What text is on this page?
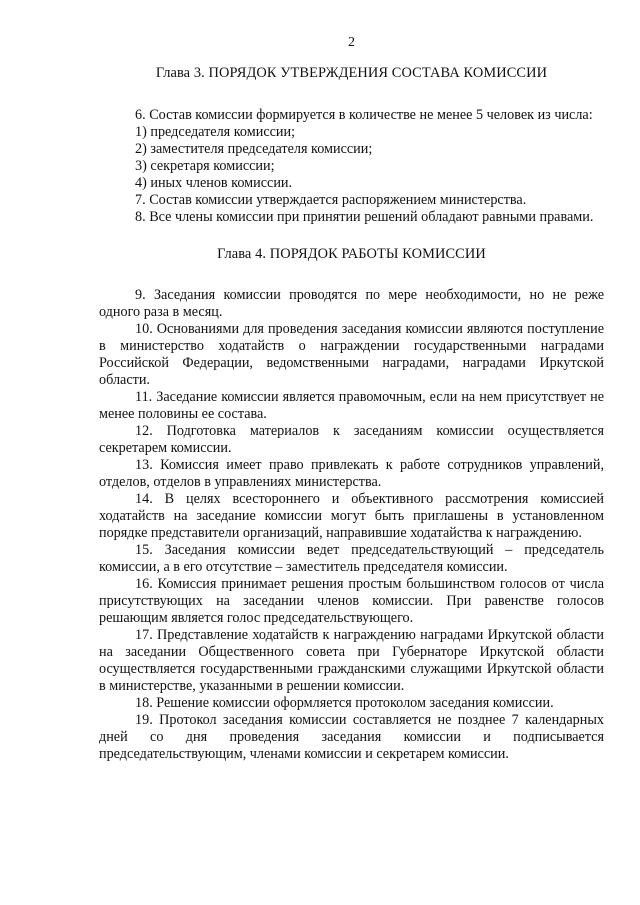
2
Глава 3. ПОРЯДОК УТВЕРЖДЕНИЯ СОСТАВА КОМИССИИ

6. Состав комиссии формируется в количестве не менее 5 человек из числа:

1) председателя комиссии;

2) заместителя председателя комиссии;

3) секретаря комиссии;

4) иных членов комиссии.

7. Состав комиссии утверждается распоряжением министерства.

8. Все члены комиссии при принятии решений обладают равными правами.

Глава 4. ПОРЯДОК РАБОТЫ КОМИССИИ

9. Заседания комиссии проводятся по мере необходимости, но не реже одного раза в месяц.

10. Основаниями для проведения заседания комиссии являются поступление в министерство ходатайств о награждении государственными наградами Российской Федерации, ведомственными наградами, наградами Иркутской области.

11. Заседание комиссии является правомочным, если на нем присутствует не менее половины ее состава.

12. Подготовка материалов к заседаниям комиссии осуществляется секретарем комиссии.

13. Комиссия имеет право привлекать к работе сотрудников управлений, отделов, отделов в управлениях министерства.

14. В целях всестороннего и объективного рассмотрения комиссией ходатайств на заседание комиссии могут быть приглашены в установленном порядке представители организаций, направившие ходатайства к награждению.

15. Заседания комиссии ведет председательствующий – председатель комиссии, а в его отсутствие – заместитель председателя комиссии.

16. Комиссия принимает решения простым большинством голосов от числа присутствующих на заседании членов комиссии. При равенстве голосов решающим является голос председательствующего.

17. Представление ходатайств к награждению наградами Иркутской области на заседании Общественного совета при Губернаторе Иркутской области осуществляется государственными гражданскими служащими Иркутской области в министерстве, указанными в решении комиссии.

18. Решение комиссии оформляется протоколом заседания комиссии.

19. Протокол заседания комиссии составляется не позднее 7 календарных дней со дня проведения заседания комиссии и подписывается председательствующим, членами комиссии и секретарем комиссии.
